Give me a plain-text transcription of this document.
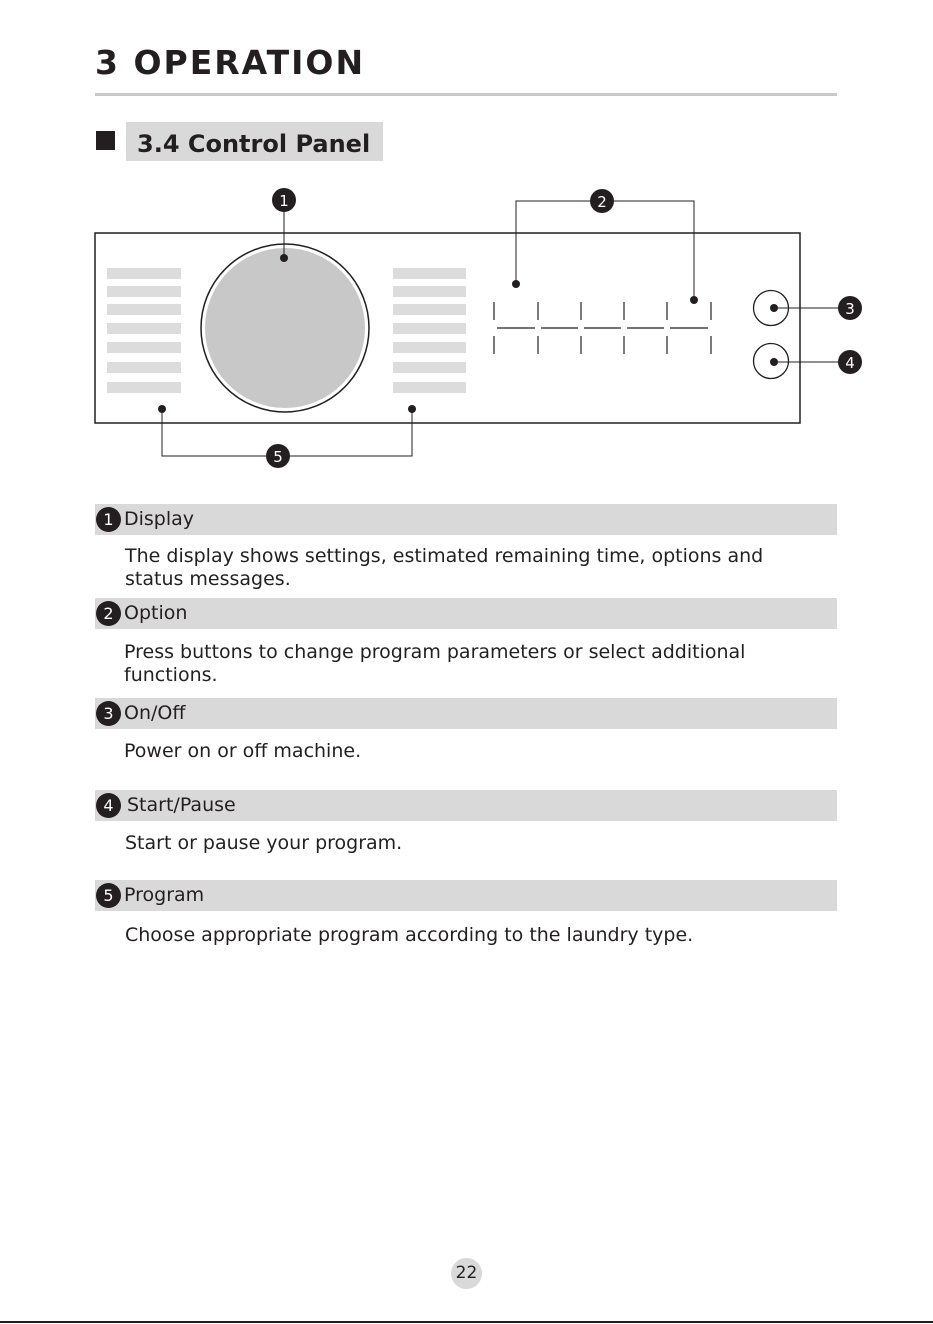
3 OPERATION
3.4 Control Panel
1	2
3
4
5
1 Display

The display shows settings, estimated remaining time, options and status messages.

2 Option

Press buttons to change program parameters or select additional functions.

3 On/Off

Power on or off machine.

4 Start/Pause

Start or pause your program.

5 Program

Choose appropriate program according to the laundry type.

22
